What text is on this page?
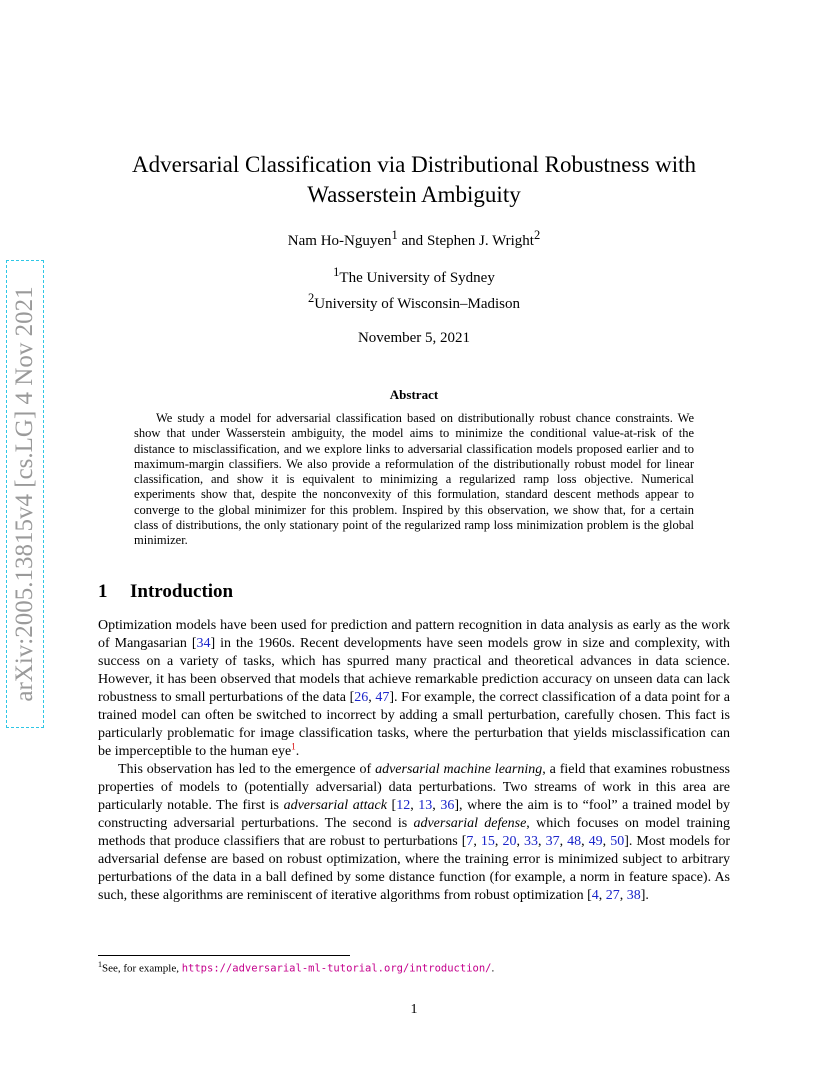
arXiv:2005.13815v4 [cs.LG] 4 Nov 2021
Adversarial Classification via Distributional Robustness with
Wasserstein Ambiguity
Nam Ho-Nguyen$^1$ and Stephen J. Wright$^2$
$^1$The University of Sydney
$^2$University of Wisconsin–Madison
November 5, 2021
Abstract

We study a model for adversarial classification based on distributionally robust chance constraints. We show that under Wasserstein ambiguity, the model aims to minimize the conditional value-at-risk of the distance to misclassification, and we explore links to adversarial classification models proposed earlier and to maximum-margin classifiers. We also provide a reformulation of the distributionally robust model for linear classification, and show it is equivalent to minimizing a regularized ramp loss objective. Numerical experiments show that, despite the nonconvexity of this formulation, standard descent methods appear to converge to the global minimizer for this problem. Inspired by this observation, we show that, for a certain class of distributions, the only stationary point of the regularized ramp loss minimization problem is the global minimizer.

1 Introduction

Optimization models have been used for prediction and pattern recognition in data analysis as early as the work of Mangasarian [34] in the 1960s. Recent developments have seen models grow in size and complexity, with success on a variety of tasks, which has spurred many practical and theoretical advances in data science. However, it has been observed that models that achieve remarkable prediction accuracy on unseen data can lack robustness to small perturbations of the data [26, 47]. For example, the correct classification of a data point for a trained model can often be switched to incorrect by adding a small perturbation, carefully chosen. This fact is particularly problematic for image classification tasks, where the perturbation that yields misclassification can be imperceptible to the human eye$^1$.

This observation has led to the emergence of adversarial machine learning, a field that examines robustness properties of models to (potentially adversarial) data perturbations. Two streams of work in this area are particularly notable. The first is adversarial attack [12, 13, 36], where the aim is to “fool” a trained model by constructing adversarial perturbations. The second is adversarial defense, which focuses on model training methods that produce classifiers that are robust to perturbations [7, 15, 20, 33, 37, 48, 49, 50]. Most models for adversarial defense are based on robust optimization, where the training error is minimized subject to arbitrary perturbations of the data in a ball defined by some distance function (for example, a norm in feature space). As such, these algorithms are reminiscent of iterative algorithms from robust optimization [4, 27, 38].

$^1$See, for example, https://adversarial-ml-tutorial.org/introduction/.
1
